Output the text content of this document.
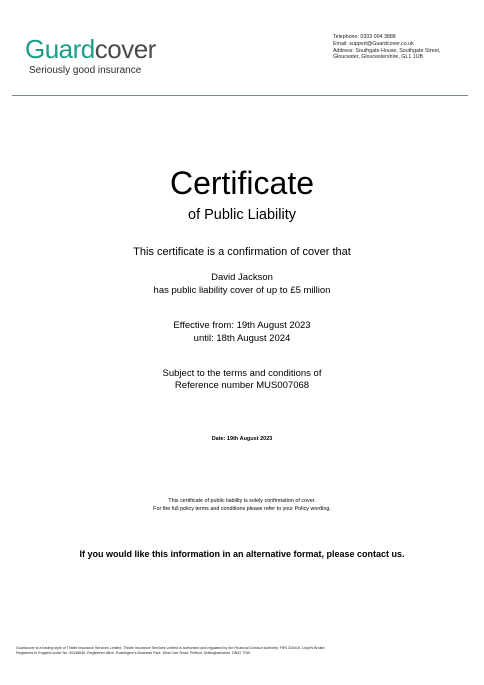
Guardcover
Seriously good insurance
Telephone: 0333 004 3888
Email: support@Guardcover.co.uk
Address: Southgate House, Southgate Street,
Gloucester, Gloucestershire, GL1 1UB
Certificate
of Public Liability
This certificate is a confirmation of cover that
David Jackson
has public liability cover of up to £5 million
Effective from: 19th August 2023
until: 18th August 2024
Subject to the terms and conditions of
Reference number MUS007068
Date: 19th August 2023
This certificate of public liability is solely confirmation of cover.
For the full policy terms and conditions please refer to your Policy wording.
If you would like this information in an alternative format, please contact us.
Guardcover is a trading style of Thistle Insurance Services Limited. Thistle Insurance Services Limited is authorised and regulated by the Financial Conduct Authority. FRN 310419. Lloyd's Broker.
Registered in England under No. 00338645. Registered office: Rossington's Business Park, West Carr Road, Retford, Nottinghamshire, DN22 7SW.
